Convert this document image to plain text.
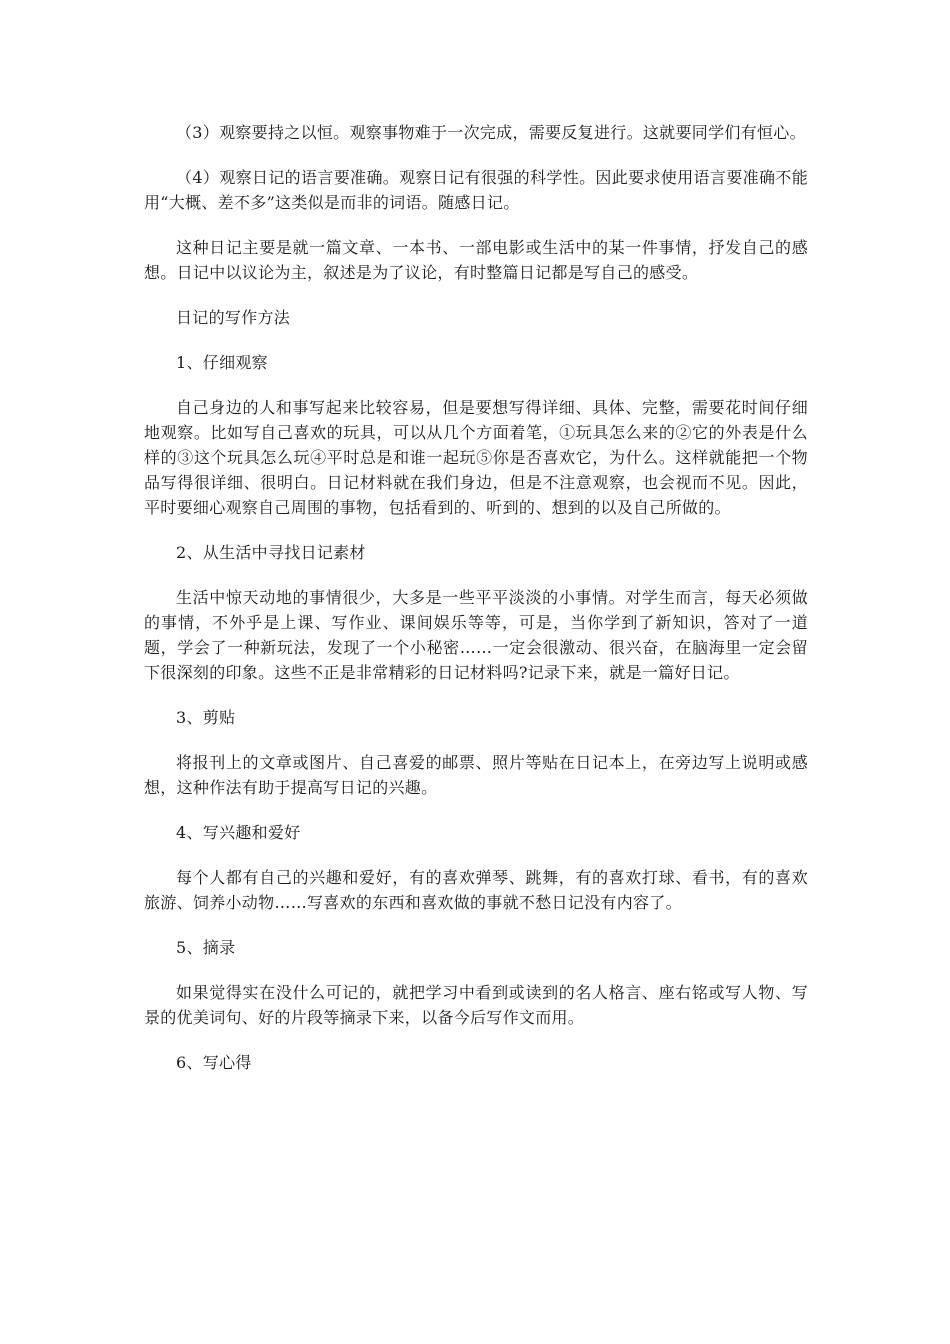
（3）观察要持之以恒。观察事物难于一次完成，需要反复进行。这就要同学们有恒心。

（4）观察日记的语言要准确。观察日记有很强的科学性。因此要求使用语言要准确不能用“大概、差不多”这类似是而非的词语。随感日记。

这种日记主要是就一篇文章、一本书、一部电影或生活中的某一件事情，抒发自己的感想。日记中以议论为主，叙述是为了议论，有时整篇日记都是写自己的感受。

日记的写作方法

1、仔细观察

自己身边的人和事写起来比较容易，但是要想写得详细、具体、完整，需要花时间仔细地观察。比如写自己喜欢的玩具，可以从几个方面着笔，①玩具怎么来的②它的外表是什么样的③这个玩具怎么玩④平时总是和谁一起玩⑤你是否喜欢它，为什么。这样就能把一个物品写得很详细、很明白。日记材料就在我们身边，但是不注意观察，也会视而不见。因此，平时要细心观察自己周围的事物，包括看到的、听到的、想到的以及自己所做的。

2、从生活中寻找日记素材

生活中惊天动地的事情很少，大多是一些平平淡淡的小事情。对学生而言，每天必须做的事情，不外乎是上课、写作业、课间娱乐等等，可是，当你学到了新知识，答对了一道题，学会了一种新玩法，发现了一个小秘密……一定会很激动、很兴奋，在脑海里一定会留下很深刻的印象。这些不正是非常精彩的日记材料吗?记录下来，就是一篇好日记。

3、剪贴

将报刊上的文章或图片、自己喜爱的邮票、照片等贴在日记本上，在旁边写上说明或感想，这种作法有助于提高写日记的兴趣。

4、写兴趣和爱好

每个人都有自己的兴趣和爱好，有的喜欢弹琴、跳舞，有的喜欢打球、看书，有的喜欢旅游、饲养小动物……写喜欢的东西和喜欢做的事就不愁日记没有内容了。

5、摘录

如果觉得实在没什么可记的，就把学习中看到或读到的名人格言、座右铭或写人物、写景的优美词句、好的片段等摘录下来，以备今后写作文而用。

6、写心得
